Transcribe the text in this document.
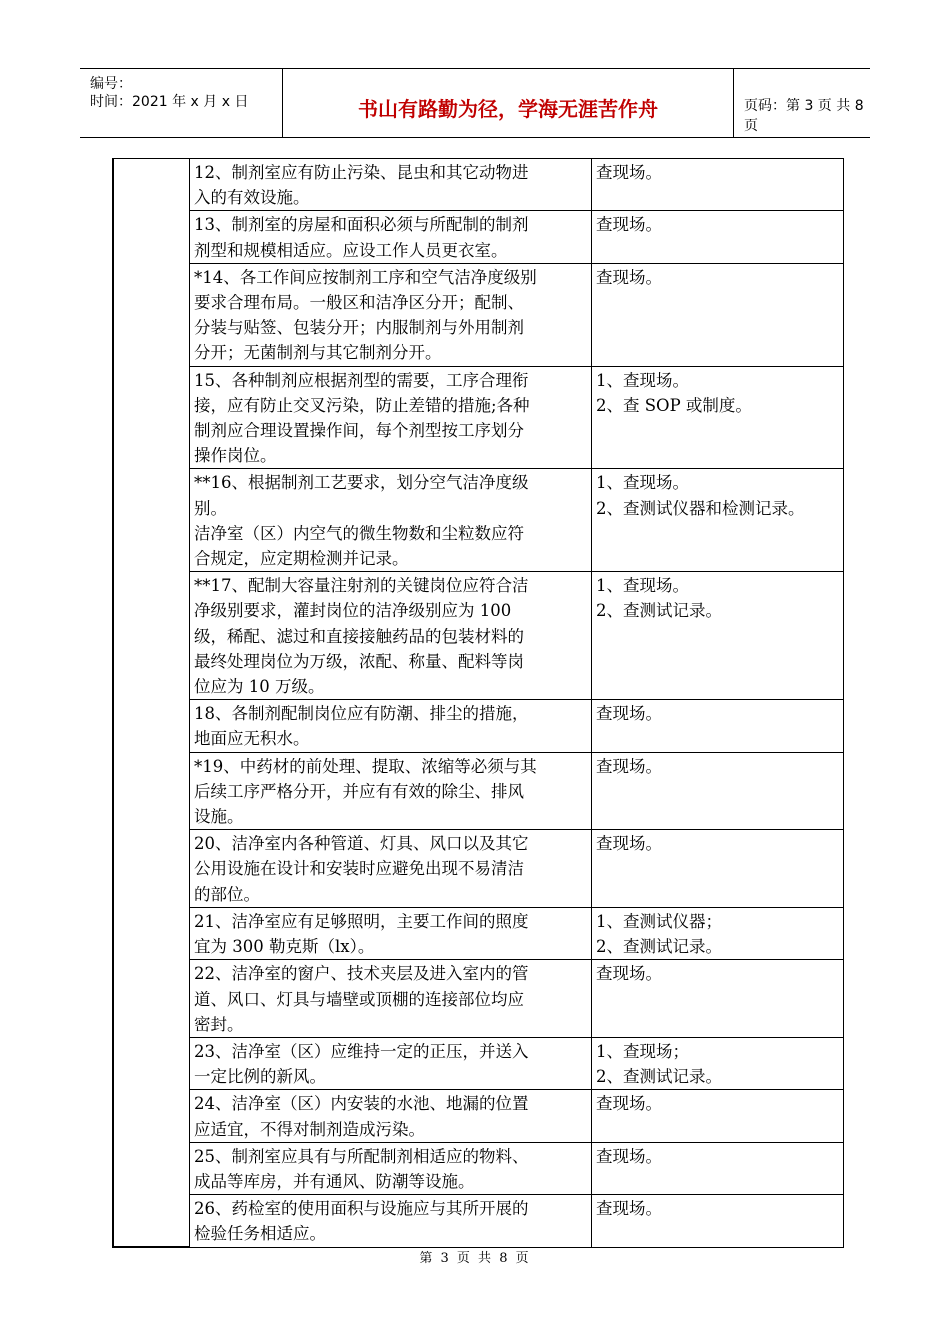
编号：
时间：2021 年 x 月 x 日	书山有路勤为径，学海无涯苦作舟	页码：第 3 页 共 8 页

	12、制剂室应有防止污染、昆虫和其它动物进
入的有效设施。	查现场。

	13、制剂室的房屋和面积必须与所配制的制剂
剂型和规模相适应。应设工作人员更衣室。	查现场。

	*14、各工作间应按制剂工序和空气洁净度级别
要求合理布局。一般区和洁净区分开；配制、
分装与贴签、包装分开；内服制剂与外用制剂
分开；无菌制剂与其它制剂分开。	查现场。

	15、各种制剂应根据剂型的需要，工序合理衔
接，应有防止交叉污染，防止差错的措施;各种
制剂应合理设置操作间，每个剂型按工序划分
操作岗位。	1、查现场。
2、查 SOP 或制度。

	**16、根据制剂工艺要求，划分空气洁净度级
别。
洁净室（区）内空气的微生物数和尘粒数应符
合规定，应定期检测并记录。	1、查现场。
2、查测试仪器和检测记录。

	**17、配制大容量注射剂的关键岗位应符合洁
净级别要求，灌封岗位的洁净级别应为 100
级，稀配、滤过和直接接触药品的包装材料的
最终处理岗位为万级，浓配、称量、配料等岗
位应为 10 万级。	1、查现场。
2、查测试记录。

	18、各制剂配制岗位应有防潮、排尘的措施，
地面应无积水。	查现场。

	*19、中药材的前处理、提取、浓缩等必须与其
后续工序严格分开，并应有有效的除尘、排风
设施。	查现场。

	20、洁净室内各种管道、灯具、风口以及其它
公用设施在设计和安装时应避免出现不易清洁
的部位。	查现场。

	21、洁净室应有足够照明，主要工作间的照度
宜为 300 勒克斯（lx）。	1、查测试仪器；
2、查测试记录。

	22、洁净室的窗户、技术夹层及进入室内的管
道、风口、灯具与墙壁或顶棚的连接部位均应
密封。	查现场。

	23、洁净室（区）应维持一定的正压，并送入
一定比例的新风。	1、查现场；
2、查测试记录。

	24、洁净室（区）内安装的水池、地漏的位置
应适宜，不得对制剂造成污染。	查现场。

	25、制剂室应具有与所配制剂相适应的物料、
成品等库房，并有通风、防潮等设施。	查现场。

	26、药检室的使用面积与设施应与其所开展的
检验任务相适应。	查现场。
第 3 页 共 8 页
